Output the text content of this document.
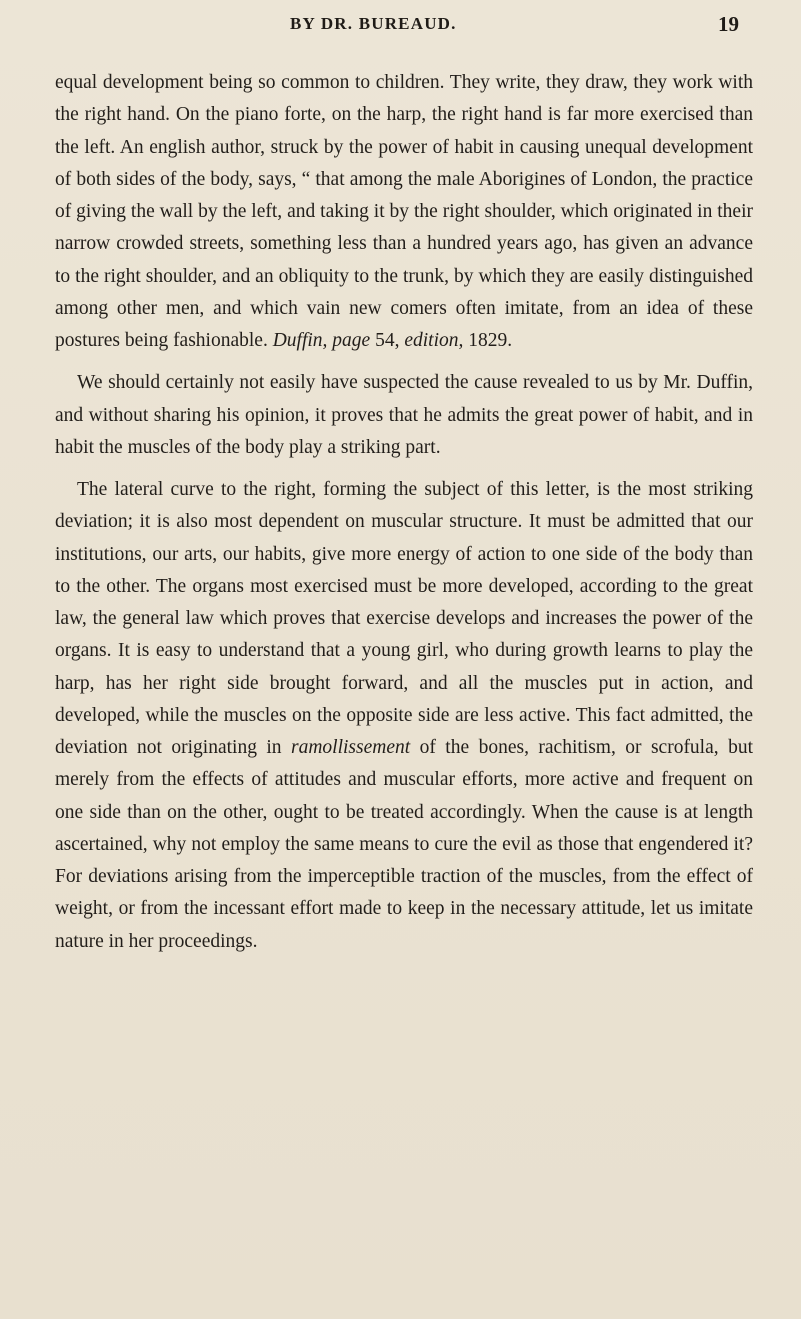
BY DR. BUREAUD.	19

equal development being so common to children. They write, they draw, they work with the right hand. On the piano forte, on the harp, the right hand is far more exercised than the left. An english author, struck by the power of habit in causing unequal development of both sides of the body, says, “ that among the male Aborigines of London, the practice of giving the wall by the left, and taking it by the right shoulder, which originated in their narrow crowded streets, something less than a hundred years ago, has given an advance to the right shoulder, and an obliquity to the trunk, by which they are easily distinguished among other men, and which vain new comers often imitate, from an idea of these postures being fashionable. Duffin, page 54, edition, 1829.

We should certainly not easily have suspected the cause revealed to us by Mr. Duffin, and without sharing his opinion, it proves that he admits the great power of habit, and in habit the muscles of the body play a striking part.

The lateral curve to the right, forming the subject of this letter, is the most striking deviation; it is also most dependent on muscular structure. It must be admitted that our institutions, our arts, our habits, give more energy of action to one side of the body than to the other. The organs most exercised must be more developed, according to the great law, the general law which proves that exercise develops and increases the power of the organs. It is easy to understand that a young girl, who during growth learns to play the harp, has her right side brought forward, and all the muscles put in action, and developed, while the muscles on the opposite side are less active. This fact admitted, the deviation not originating in ramollissement of the bones, rachitism, or scrofula, but merely from the effects of attitudes and muscular efforts, more active and frequent on one side than on the other, ought to be treated accordingly. When the cause is at length ascertained, why not employ the same means to cure the evil as those that engendered it? For deviations arising from the imperceptible traction of the muscles, from the effect of weight, or from the incessant effort made to keep in the necessary attitude, let us imitate nature in her proceedings.
